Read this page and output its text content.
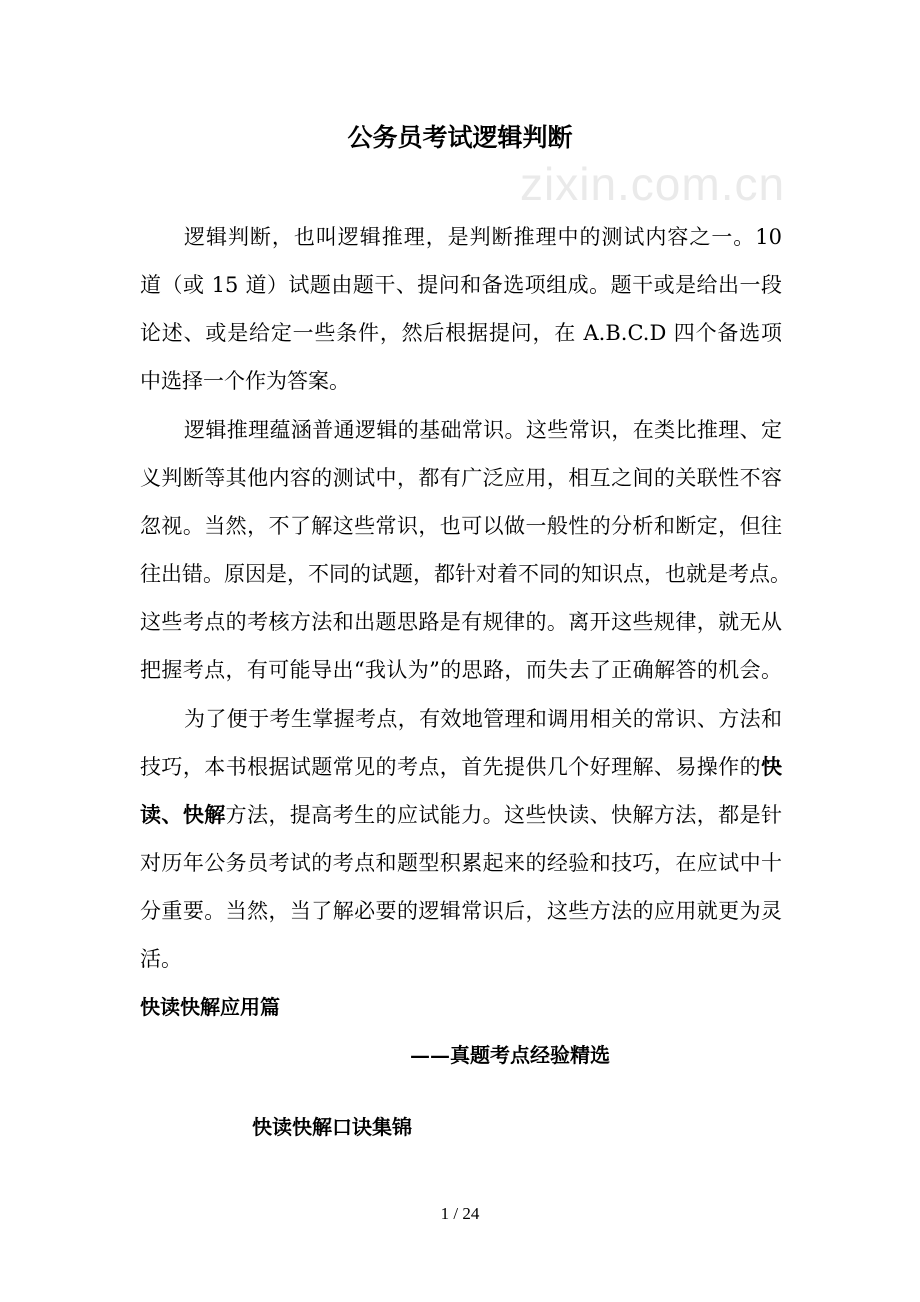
公务员考试逻辑判断
zixin.com.cn
逻辑判断，也叫逻辑推理，是判断推理中的测试内容之一。10
道（或 15 道）试题由题干、提问和备选项组成。题干或是给出一段
论述、或是给定一些条件，然后根据提问，在 A.B.C.D 四个备选项
中选择一个作为答案。
逻辑推理蕴涵普通逻辑的基础常识。这些常识，在类比推理、定
义判断等其他内容的测试中，都有广泛应用，相互之间的关联性不容
忽视。当然，不了解这些常识，也可以做一般性的分析和断定，但往
往出错。原因是，不同的试题，都针对着不同的知识点，也就是考点。
这些考点的考核方法和出题思路是有规律的。离开这些规律，就无从
把握考点，有可能导出“我认为”的思路，而失去了正确解答的机会。
为了便于考生掌握考点，有效地管理和调用相关的常识、方法和
技巧，本书根据试题常见的考点，首先提供几个好理解、易操作的快
读、快解方法，提高考生的应试能力。这些快读、快解方法，都是针
对历年公务员考试的考点和题型积累起来的经验和技巧，在应试中十
分重要。当然，当了解必要的逻辑常识后，这些方法的应用就更为灵
活。
快读快解应用篇
——真题考点经验精选
快读快解口诀集锦
1 / 24
